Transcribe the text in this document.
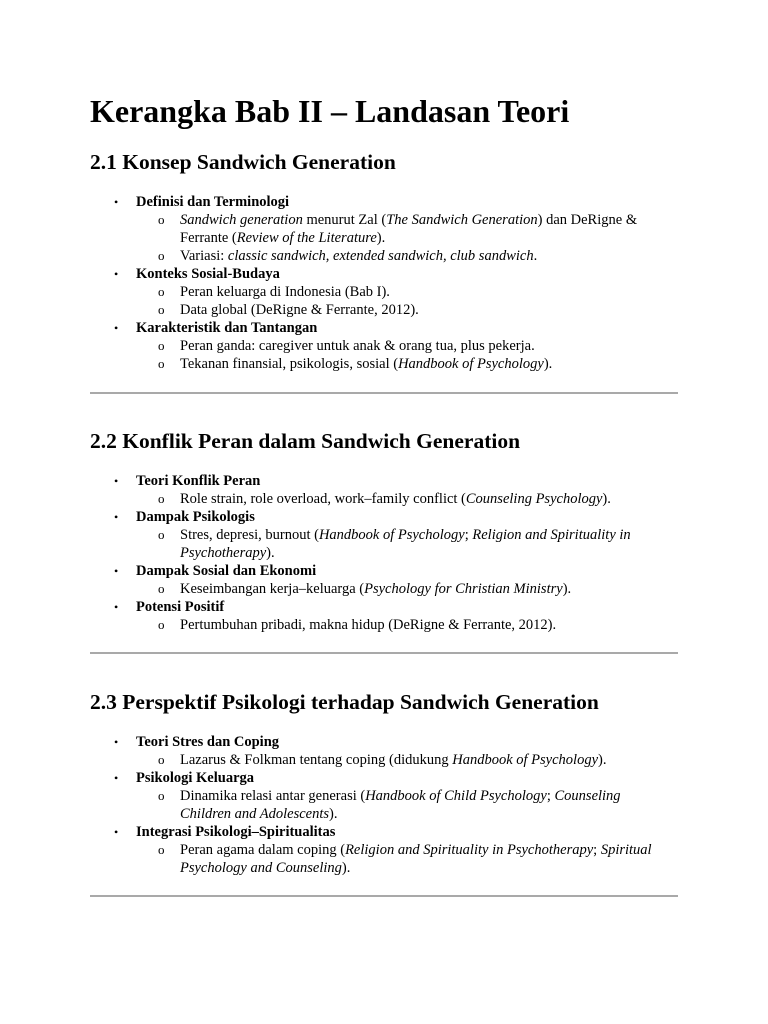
Kerangka Bab II – Landasan Teori
2.1 Konsep Sandwich Generation
• Definisi dan Terminologi
o Sandwich generation menurut Zal (The Sandwich Generation) dan DeRigne & Ferrante (Review of the Literature).
o Variasi: classic sandwich, extended sandwich, club sandwich.
• Konteks Sosial-Budaya
o Peran keluarga di Indonesia (Bab I).
o Data global (DeRigne & Ferrante, 2012).
• Karakteristik dan Tantangan
o Peran ganda: caregiver untuk anak & orang tua, plus pekerja.
o Tekanan finansial, psikologis, sosial (Handbook of Psychology).
2.2 Konflik Peran dalam Sandwich Generation
• Teori Konflik Peran
o Role strain, role overload, work–family conflict (Counseling Psychology).
• Dampak Psikologis
o Stres, depresi, burnout (Handbook of Psychology; Religion and Spirituality in Psychotherapy).
• Dampak Sosial dan Ekonomi
o Keseimbangan kerja–keluarga (Psychology for Christian Ministry).
• Potensi Positif
o Pertumbuhan pribadi, makna hidup (DeRigne & Ferrante, 2012).
2.3 Perspektif Psikologi terhadap Sandwich Generation
• Teori Stres dan Coping
o Lazarus & Folkman tentang coping (didukung Handbook of Psychology).
• Psikologi Keluarga
o Dinamika relasi antar generasi (Handbook of Child Psychology; Counseling Children and Adolescents).
• Integrasi Psikologi–Spiritualitas
o Peran agama dalam coping (Religion and Spirituality in Psychotherapy; Spiritual Psychology and Counseling).
